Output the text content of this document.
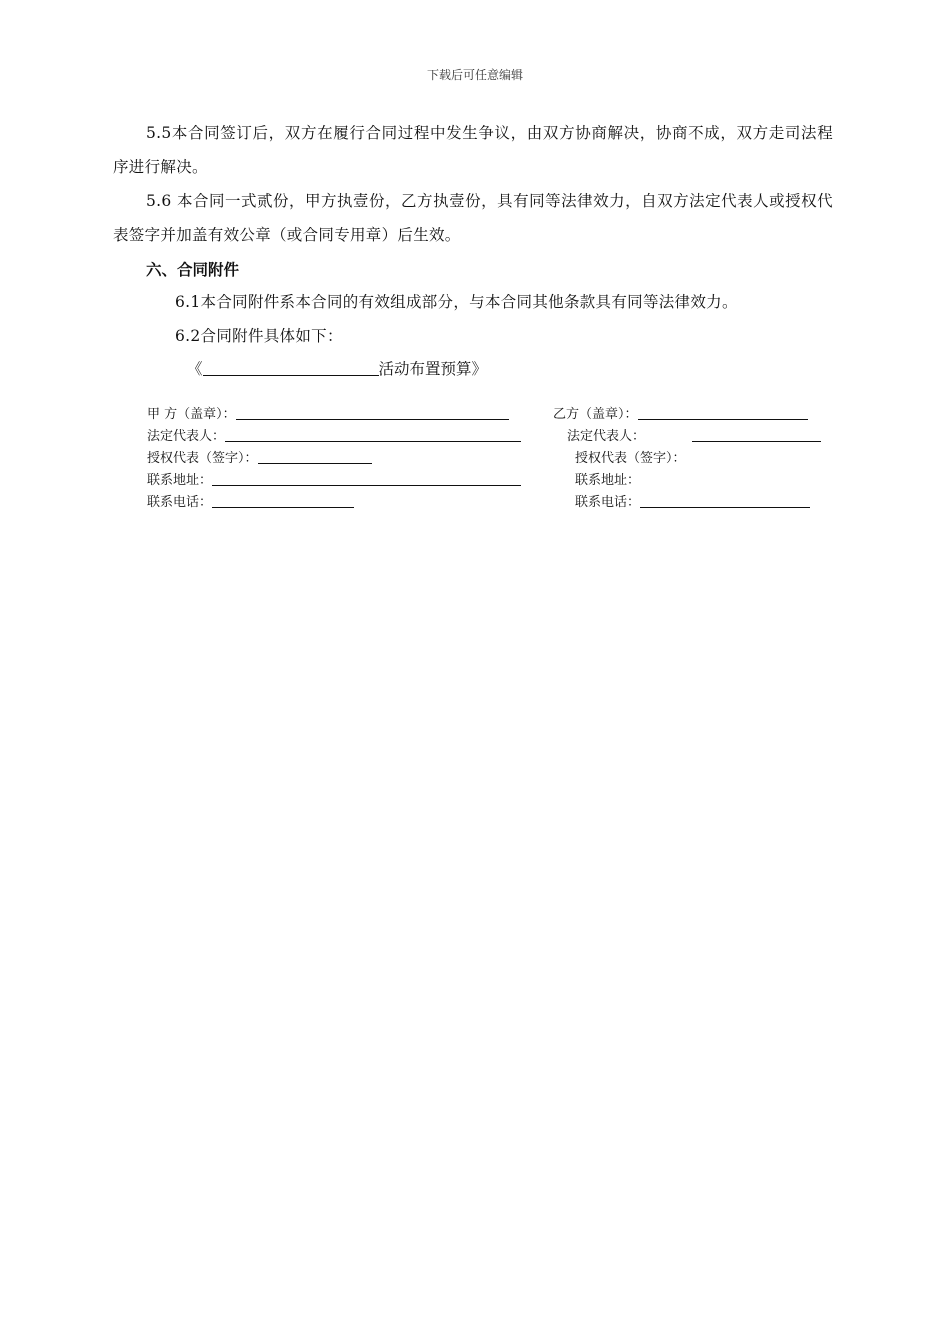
下载后可任意编辑
5.5本合同签订后，双方在履行合同过程中发生争议，由双方协商解决，协商不成，双方走司法程序进行解决。
5.6 本合同一式贰份，甲方执壹份，乙方执壹份，具有同等法律效力，自双方法定代表人或授权代表签字并加盖有效公章（或合同专用章）后生效。
六、合同附件
6.1本合同附件系本合同的有效组成部分，与本合同其他条款具有同等法律效力。
6.2合同附件具体如下：
《	活动布置预算》
甲 方（盖章）：
法定代表人：
授权代表（签字）：
联系地址：
联系电话：
乙方（盖章）：
法定代表人：
授权代表（签字）：
联系地址：
联系电话：
